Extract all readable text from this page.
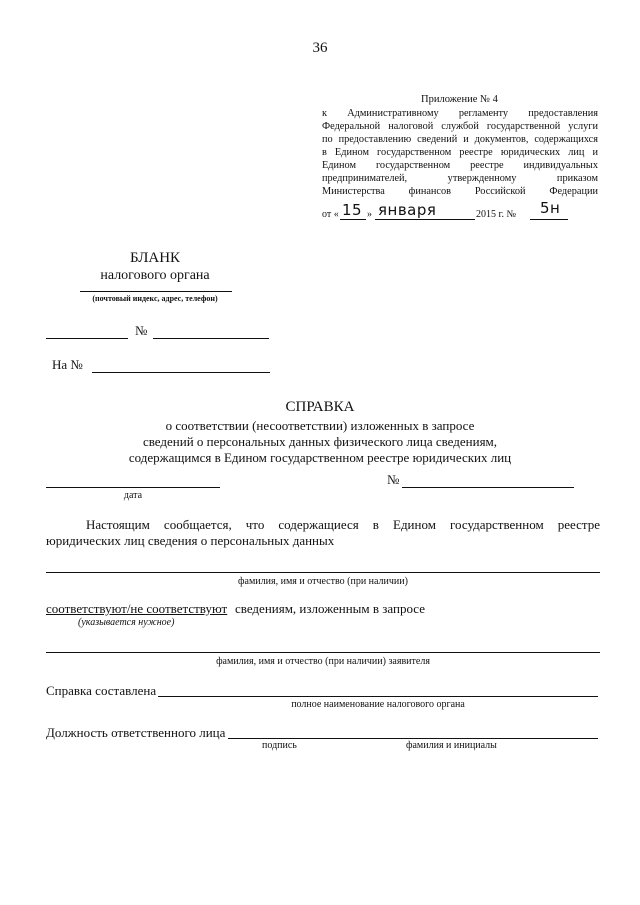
36
Приложение № 4
к Административному регламенту предоставления
Федеральной налоговой службой государственной услуги
по предоставлению сведений и документов, содержащихся
в Едином государственном реестре юридических лиц и
Едином государственном реестре индивидуальных
предпринимателей, утвержденному приказом
Министерства финансов Российской Федерации
от « 15 » января	2015 г. № 5н
БЛАНК
налогового органа
(почтовый индекс, адрес, телефон)
№
На №
СПРАВКА
о соответствии (несоответствии) изложенных в запросе
сведений о персональных данных физического лица сведениям,
содержащимся в Едином государственном реестре юридических лиц
дата
№
Настоящим сообщается, что содержащиеся в Едином государственном реестре
юридических лиц сведения о персональных данных
фамилия, имя и отчество (при наличии)
соответствуют/не соответствуют сведениям, изложенным в запросе
(указывается нужное)
фамилия, имя и отчество (при наличии) заявителя
Справка составлена
полное наименование налогового органа
Должность ответственного лица
подпись	фамилия и инициалы
